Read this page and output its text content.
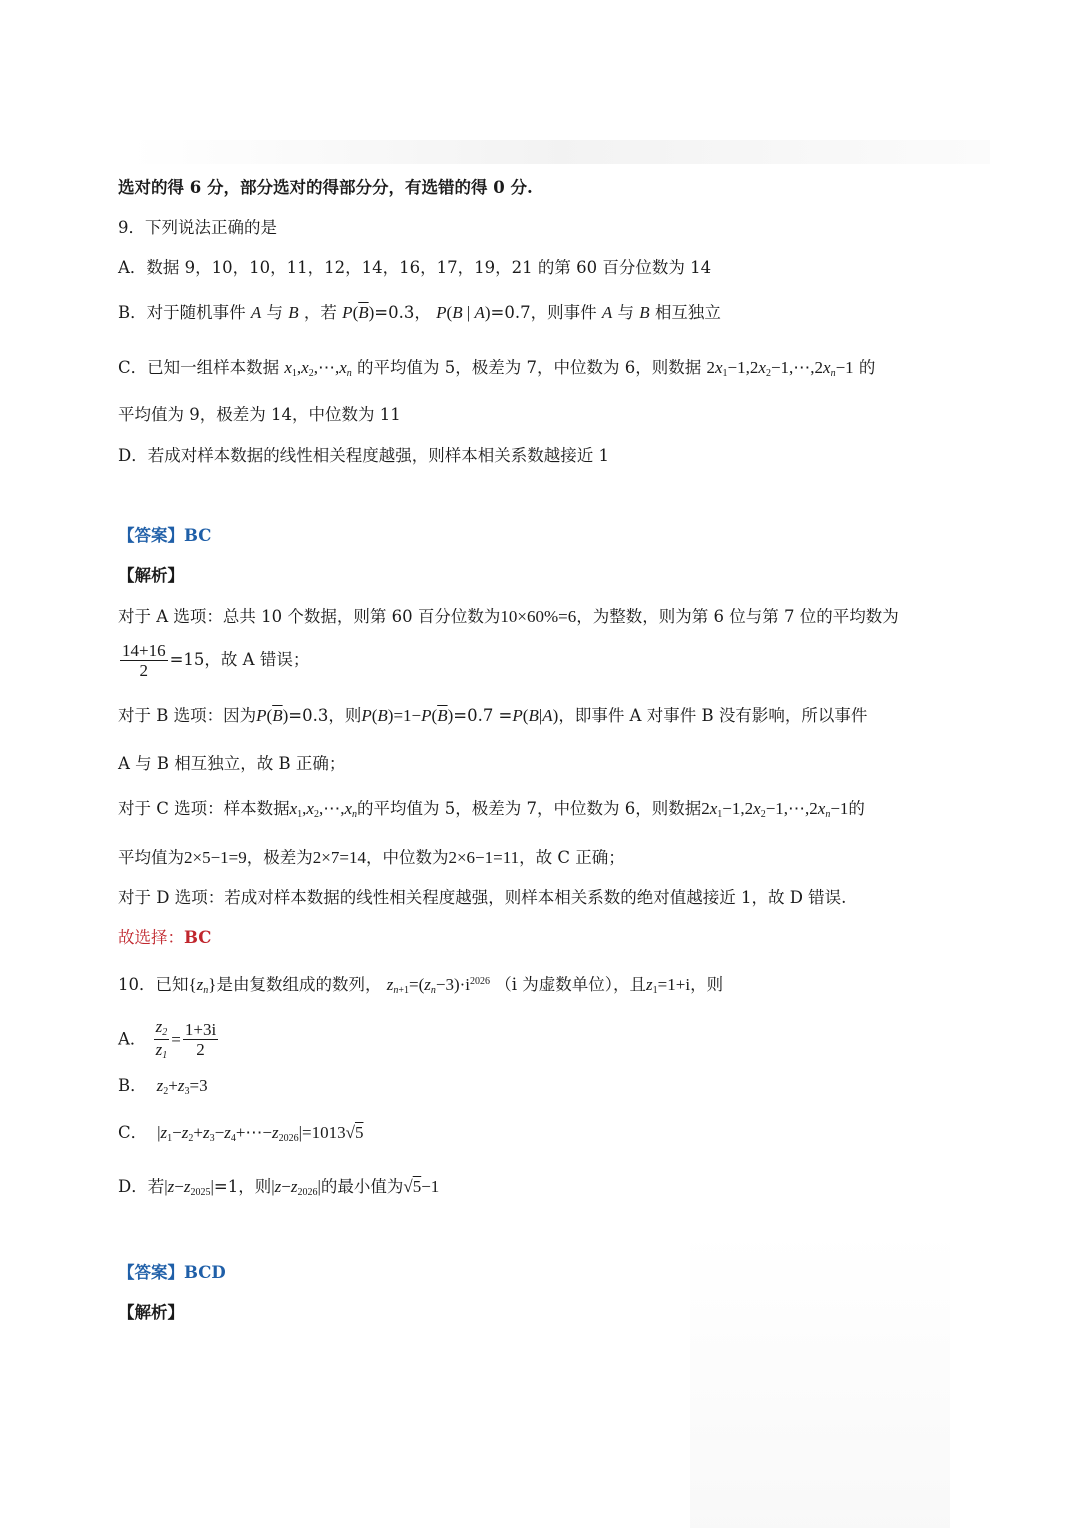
选对的得 6 分，部分选对的得部分分，有选错的得 0 分.
9．下列说法正确的是
A．数据 9，10，10，11，12，14，16，17，19，21 的第 60 百分位数为 14
B．对于随机事件 A 与 B ，若 $P(\overline{B})=0.3$， P(B | A)=0.7，则事件 A 与 B 相互独立
C．已知一组样本数据 $x_1,x_2,\cdots,x_n$ 的平均值为 5，极差为 7，中位数为 6，则数据 $2x_1-1,2x_2-1,\cdots,2x_n-1$ 的
平均值为 9，极差为 14，中位数为 11
D．若成对样本数据的线性相关程度越强，则样本相关系数越接近 1
【答案】BC
【解析】
对于 A 选项：总共 10 个数据，则第 60 百分位数为10×60%=6，为整数，则为第 6 位与第 7 位的平均数为
$\frac{14+16}{2} =15$，故 A 错误；
对于 B 选项：因为$P(\overline{B})=0.3$，则$P(B)=1-P(\overline{B})=0.7 =P(B|A)$，即事件 A 对事件 B 没有影响，所以事件
A 与 B 相互独立，故 B 正确；
对于 C 选项：样本数据$x_1,x_2,\cdots,x_n$的平均值为 5，极差为 7，中位数为 6，则数据$2x_1-1,2x_2-1,\cdots,2x_n-1$的
平均值为2×5−1=9，极差为2×7=14，中位数为2×6−1=11，故 C 正确；
对于 D 选项：若成对样本数据的线性相关程度越强，则样本相关系数的绝对值越接近 1，故 D 错误.
故选择：BC
10．已知$\{z_n\}$是由复数组成的数列， $z_{n+1}=(z_n-3)\cdot i^{2026}$ （i 为虚数单位），且$z_1=1+i$，则
A． $\frac{z_2}{z_1} = \frac{1+3i}{2}$
B． $z_2+z_3=3$
C． $|z_1-z_2+z_3-z_4+\cdots-z_{2026}|=1013√5$
D．若$|z-z_{2025}|=1$，则$|z-z_{2026}|$的最小值为√5−1
【答案】BCD
【解析】
